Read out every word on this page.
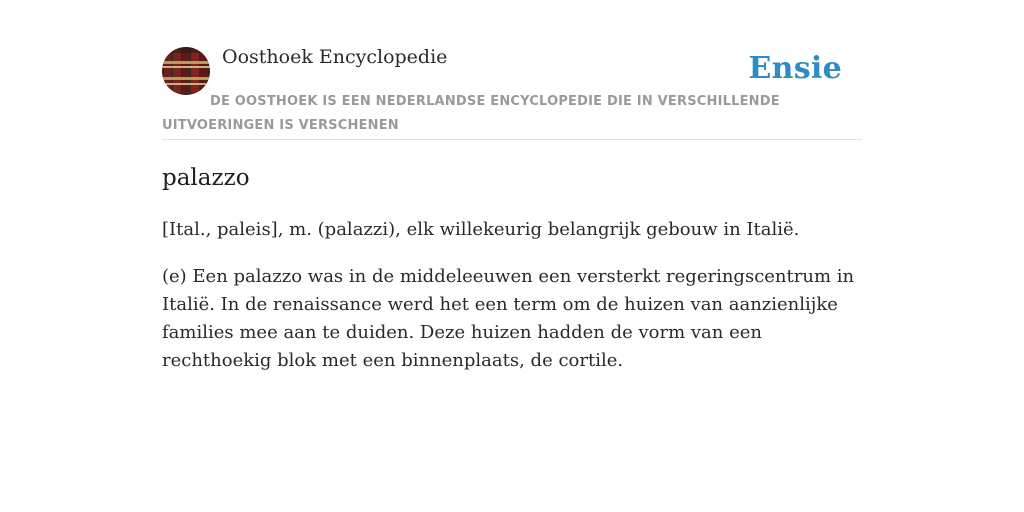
Oosthoek Encyclopedie	Ensie
DE OOSTHOEK IS EEN NEDERLANDSE ENCYCLOPEDIE DIE IN VERSCHILLENDE UITVOERINGEN IS VERSCHENEN
palazzo

[Ital., paleis], m. (palazzi), elk willekeurig belangrijk gebouw in Italië.

(e) Een palazzo was in de middeleeuwen een versterkt regeringscentrum in Italië. In de renaissance werd het een term om de huizen van aanzienlijke families mee aan te duiden. Deze huizen hadden de vorm van een rechthoekig blok met een binnenplaats, de cortile.
